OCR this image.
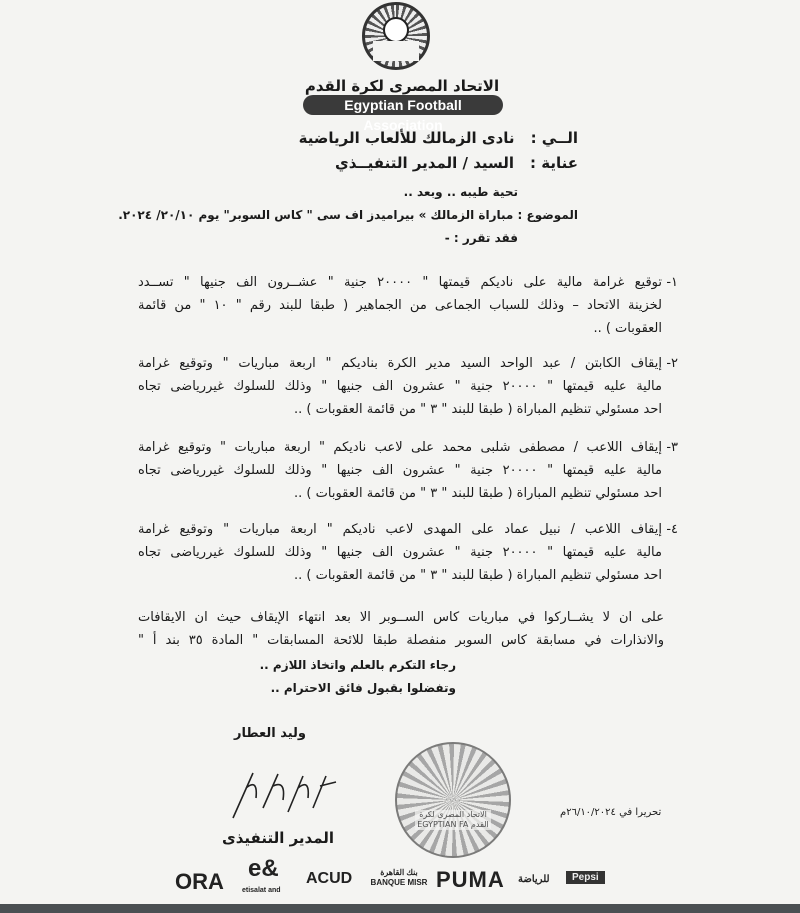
الاتحاد المصرى لكرة القدم
Egyptian Football Association
الــي :
نادى الزمالك للألعاب الرياضية
عناية :
السيد / المدير التنفيــذي
تحية طيبه .. وبعد ..
الموضوع : مباراة الزمالك » بيراميدز اف سى " كاس السوبر" يوم ٢٠/١٠/ ٢٠٢٤.
فقد تقرر : -
١-
توقيع غرامة مالية على ناديكم قيمتها " ٢٠٠٠٠ جنية " عشــرون الف جنيها " تســدد
لخزينة الاتحاد – وذلك للسباب الجماعى من الجماهير ( طبقا للبند رقم " ١٠ " من قائمة
العقوبات ) ..
٢-
إيقاف الكابتن / عبد الواحد السيد مدير الكرة بناديكم " اربعة مباريات " وتوقيع غرامة
مالية عليه قيمتها " ٢٠٠٠٠ جنية " عشرون الف جنيها " وذلك للسلوك غيررياضى تجاه
احد مسئولي تنظيم المباراة ( طبقا للبند " ٣ " من قائمة العقوبات ) ..
٣-
إيقاف اللاعب / مصطفى شلبى محمد على لاعب ناديكم " اربعة مباريات " وتوقيع غرامة
مالية عليه قيمتها " ٢٠٠٠٠ جنية " عشرون الف جنيها " وذلك للسلوك غيررياضى تجاه
احد مسئولي تنظيم المباراة ( طبقا للبند " ٣ " من قائمة العقوبات ) ..
٤-
إيقاف اللاعب / نبيل عماد على المهدى لاعب ناديكم " اربعة مباريات " وتوقيع غرامة
مالية عليه قيمتها " ٢٠٠٠٠ جنية " عشرون الف جنيها " وذلك للسلوك غيررياضى تجاه
احد مسئولي تنظيم المباراة ( طبقا للبند " ٣ " من قائمة العقوبات ) ..
على ان لا يشــاركوا في مباريات كاس الســوبر الا بعد انتهاء الإيقاف حيث ان الايقافات
والانذارات في مسابقة كاس السوبر منفصلة طبقا للائحة المسابقات " المادة ٣٥ بند أ "
رجاء التكرم بالعلم واتخاذ اللازم ..
وتفضلوا بقبول فائق الاحترام ..
وليد العطار
المدير التنفيذى
الاتحاد المصرى لكرة القدم EGYPTIAN FA
تحريرا في ٢٦/١٠/٢٠٢٤م
ORA e&
etisalat and
ACUD	بنك القاهرة BANQUE MISR PUMA للرياضة	Pepsi
